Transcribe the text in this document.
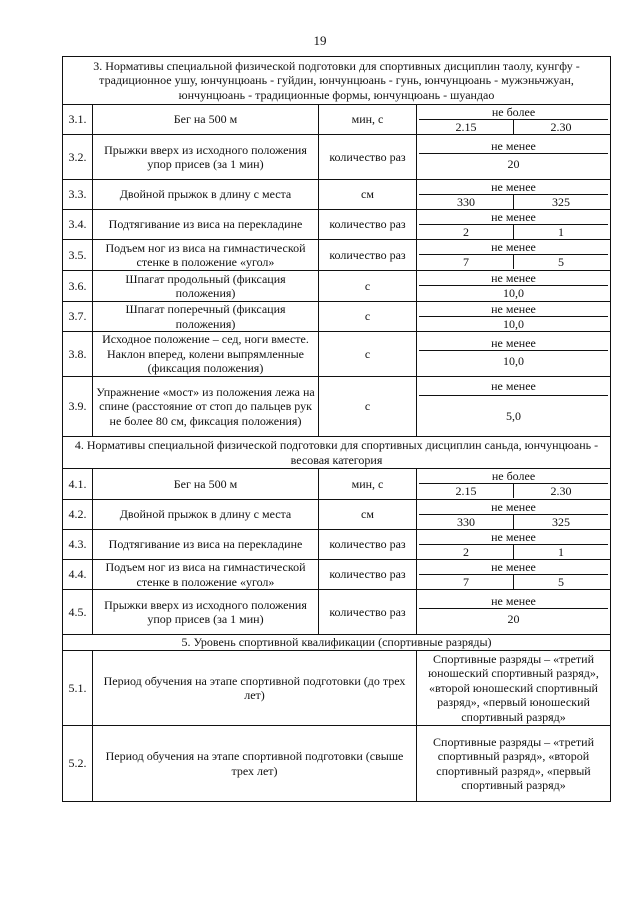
19
3. Нормативы специальной физической подготовки для спортивных дисциплин таолу, кунгфу - традиционное ушу, юнчунцюань - гуйдин, юнчунцюань - гунь, юнчунцюань - мужэньчжуан, юнчунцюань - традиционные формы, юнчунцюань - шуандао			
3.1.	Бег на 500 м	мин, с	не более
2.15 2.30

3.2.	Прыжки вверх из исходного положения упор присев (за 1 мин)	количество раз	не менее
20

3.3.	Двойной прыжок в длину с места	см	не менее
330 325

3.4.	Подтягивание из виса на перекладине	количество раз	не менее
2 1

3.5.	Подъем ног из виса на гимнастической стенке в положение «угол»	количество раз	не менее
7 5

3.6.	Шпагат продольный (фиксация положения)	с	не менее
10,0

3.7.	Шпагат поперечный (фиксация положения)	с	не менее
10,0

3.8.	Исходное положение – сед, ноги вместе. Наклон вперед, колени выпрямленные (фиксация положения)	с	не менее
10,0

3.9.	Упражнение «мост» из положения лежа на спине (расстояние от стоп до пальцев рук не более 80 см, фиксация положения)	с	не менее
5,0

4. Нормативы специальной физической подготовки для спортивных дисциплин саньда, юнчунцюань - весовая категория			
4.1.	Бег на 500 м	мин, с	не более
2.15 2.30

4.2.	Двойной прыжок в длину с места	см	не менее
330 325

4.3.	Подтягивание из виса на перекладине	количество раз	не менее
2 1

4.4.	Подъем ног из виса на гимнастической стенке в положение «угол»	количество раз	не менее
7 5

4.5.	Прыжки вверх из исходного положения упор присев (за 1 мин)	количество раз	не менее
20

5. Уровень спортивной квалификации (спортивные разряды)			
5.1.	Период обучения на этапе спортивной подготовки (до трех лет)		Спортивные разряды – «третий юношеский спортивный разряд», «второй юношеский спортивный разряд», «первый юношеский спортивный разряд»
5.2.	Период обучения на этапе спортивной подготовки (свыше трех лет)		Спортивные разряды – «третий спортивный разряд», «второй спортивный разряд», «первый спортивный разряд»
